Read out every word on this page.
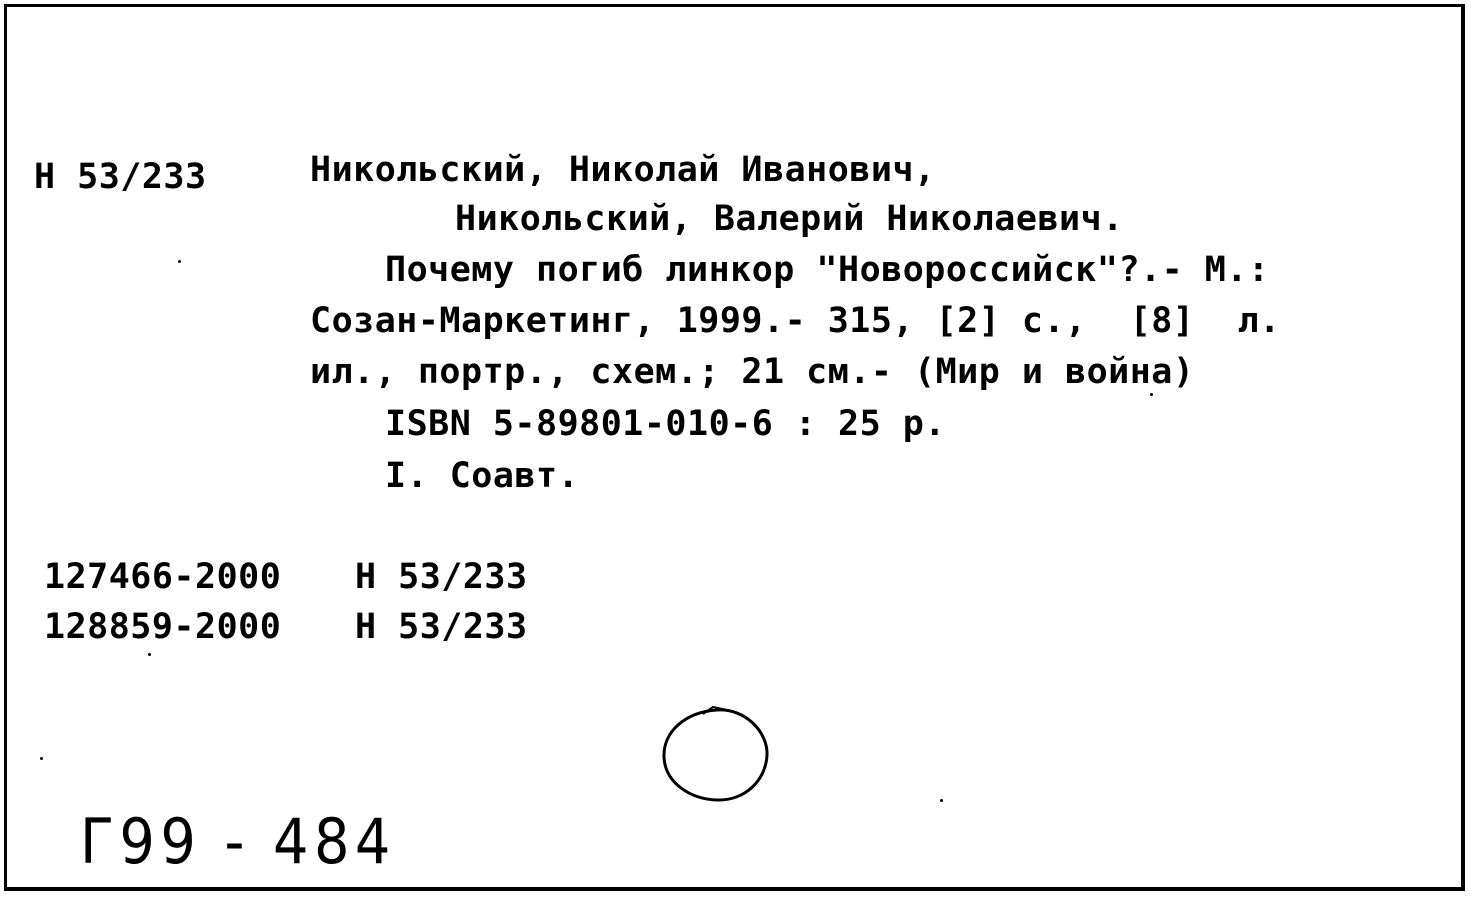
Н 53/233	Никольский, Николай Иванович,
Никольский, Валерий Николаевич.
Почему погиб линкор "Новороссийск"?.- М.:
Созан-Маркетинг, 1999.- 315, [2] с.,  [8]  л.
ил., портр., схем.; 21 см.- (Мир и война)
ISBN 5-89801-010-6 : 25 р.
I. Соавт.
127466-2000 Н 53/233
128859-2000 Н 53/233
Г99 - 484
